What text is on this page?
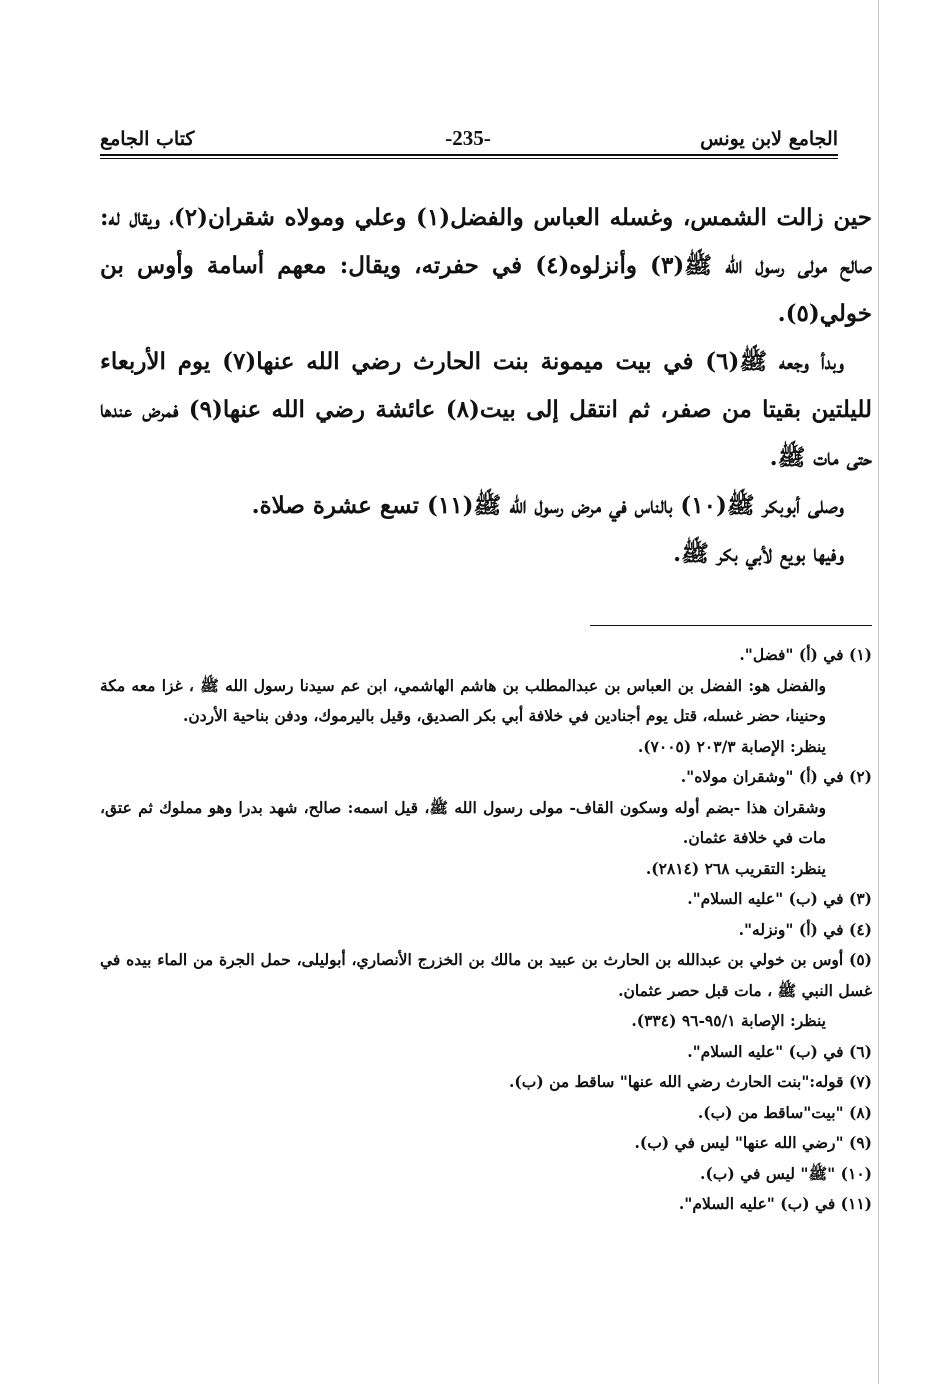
الجامع لابن يونس
-235-
كتاب الجامع

حين زالت الشمس، وغسله العباس والفضل(١) وعلي ومولاه شقران(٢)، ويقال له: صالح مولى رسول الله ﷺ(٣) وأنزلوه(٤) في حفرته، ويقال: معهم أسامة وأوس بن خولي(٥).

وبدأ وجعه ﷺ(٦) في بيت ميمونة بنت الحارث رضي الله عنها(٧) يوم الأربعاء لليلتين بقيتا من صفر، ثم انتقل إلى بيت(٨) عائشة رضي الله عنها(٩) فمرض عندها حتى مات ﷺ.

وصلى أبوبكر ﷺ(١٠) بالناس في مرض رسول الله ﷺ(١١) تسع عشرة صلاة.

وفيها بويع لأبي بكر ﷺ.

(١) في (أ) "فضل".

والفضل هو: الفضل بن العباس بن عبدالمطلب بن هاشم الهاشمي، ابن عم سيدنا رسول الله ﷺ ، غزا معه مكة وحنينا، حضر غسله، قتل يوم أجنادين في خلافة أبي بكر الصديق، وقيل باليرموك، ودفن بناحية الأردن.

ينظر: الإصابة ٢٠٣/٣ (٧٠٠٥).

(٢) في (أ) "وشقران مولاه".

وشقران هذا -بضم أوله وسكون القاف- مولى رسول الله ﷺ، قيل اسمه: صالح، شهد بدرا وهو مملوك ثم عتق، مات في خلافة عثمان.

ينظر: التقريب ٢٦٨ (٢٨١٤).

(٣) في (ب) "عليه السلام".

(٤) في (أ) "ونزله".

(٥) أوس بن خولي بن عبدالله بن الحارث بن عبيد بن مالك بن الخزرج الأنصاري، أبوليلى، حمل الجرة من الماء بيده في غسل النبي ﷺ ، مات قبل حصر عثمان.

ينظر: الإصابة ٩٥/١-٩٦ (٣٣٤).

(٦) في (ب) "عليه السلام".

(٧) قوله:"بنت الحارث رضي الله عنها" ساقط من (ب).

(٨) "بيت"ساقط من (ب).

(٩) "رضي الله عنها" ليس في (ب).

(١٠) "ﷺ" ليس في (ب).

(١١) في (ب) "عليه السلام".
